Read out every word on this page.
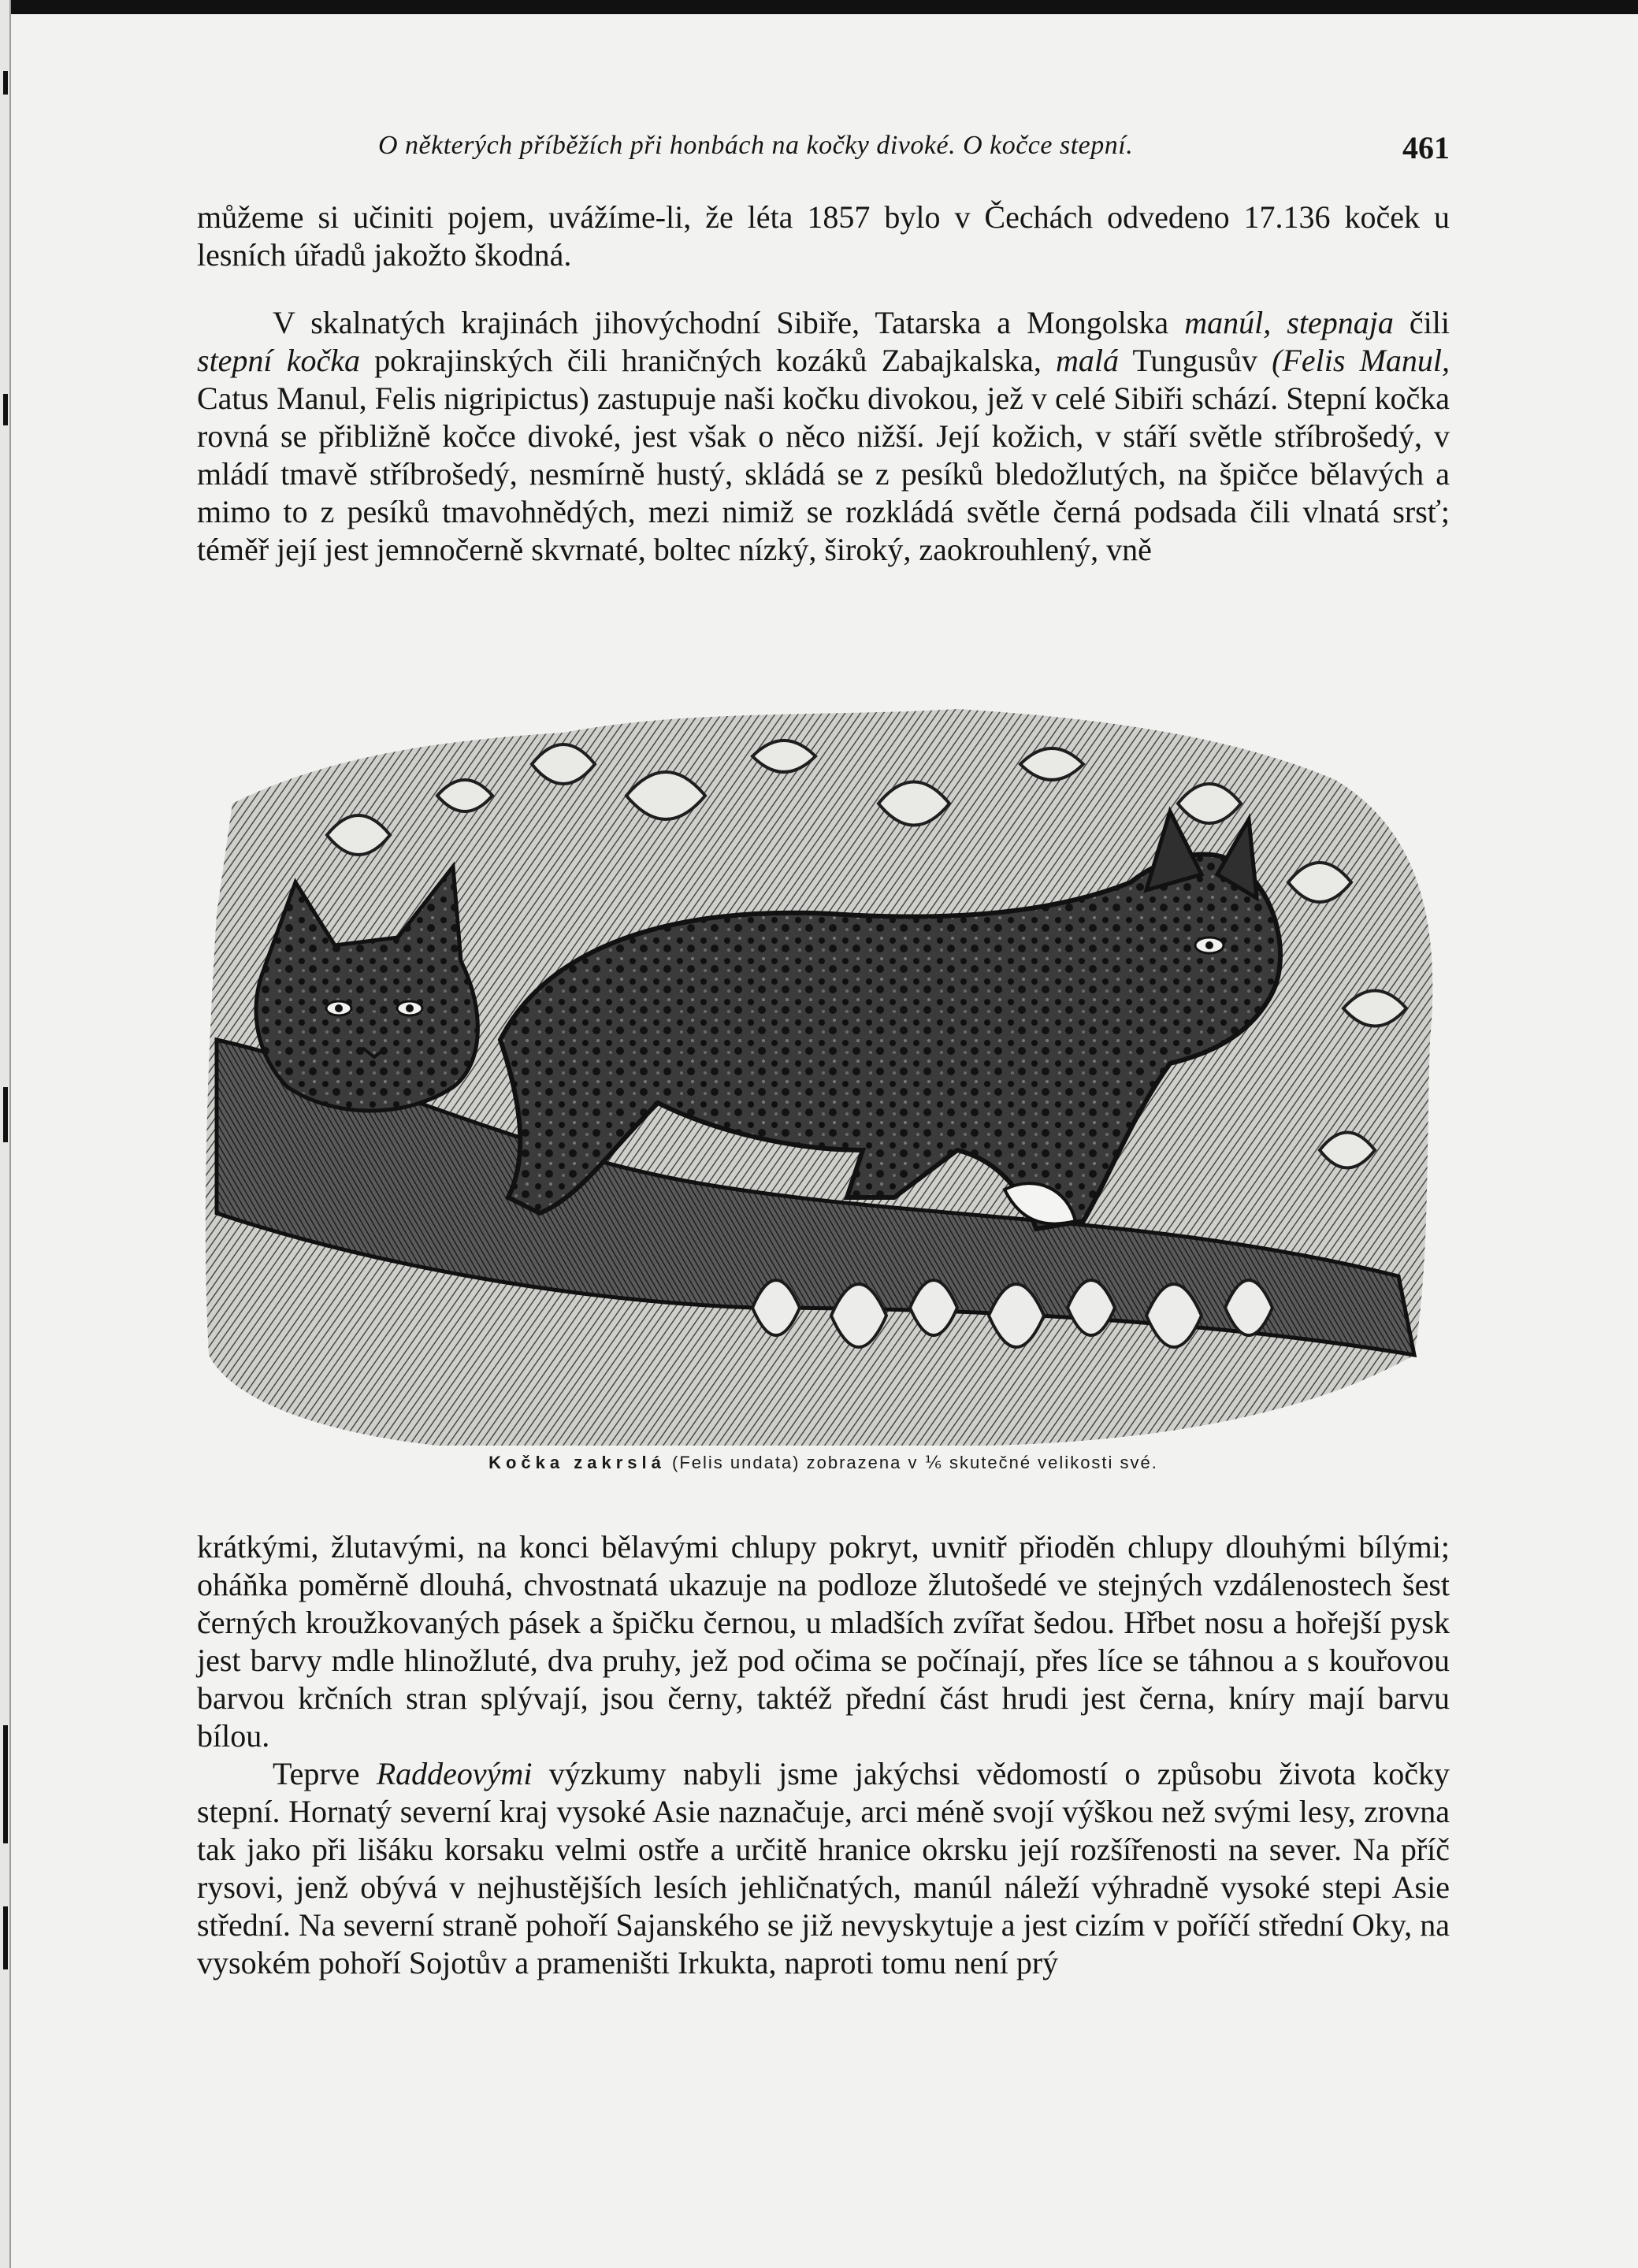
O některých příběžích při honbách na kočky divoké. O kočce stepní.	461

můžeme si učiniti pojem, uvážíme-li, že léta 1857 bylo v Čechách odvedeno 17.136 koček u lesních úřadů jakožto škodná.

V skalnatých krajinách jihovýchodní Sibiře, Tatarska a Mongolska manúl, stepnaja čili stepní kočka pokrajinských čili hraničných kozáků Zabajkalska, malá Tungusův (Felis Manul, Catus Manul, Felis nigripictus) zastupuje naši kočku divokou, jež v celé Sibiři schází. Stepní kočka rovná se přibližně kočce divoké, jest však o něco nižší. Její kožich, v stáří světle stříbrošedý, v mládí tmavě stříbrošedý, nesmírně hustý, skládá se z pesíků bledožlutých, na špičce bělavých a mimo to z pesíků tmavohnědých, mezi nimiž se rozkládá světle černá podsada čili vlnatá srsť; téměř její jest jemnočerně skvrnaté, boltec nízký, široký, zaokrouhlený, vně

Kočka zakrslá (Felis undata) zobrazena v ⅙ skutečné velikosti své.

krátkými, žlutavými, na konci bělavými chlupy pokryt, uvnitř přioděn chlupy dlouhými bílými; oháňka poměrně dlouhá, chvostnatá ukazuje na podloze žlutošedé ve stejných vzdálenostech šest černých kroužkovaných pásek a špičku černou, u mladších zvířat šedou. Hřbet nosu a hořejší pysk jest barvy mdle hlinožluté, dva pruhy, jež pod očima se počínají, přes líce se táhnou a s kouřovou barvou krčních stran splývají, jsou černy, taktéž přední část hrudi jest černa, kníry mají barvu bílou.

Teprve Raddeovými výzkumy nabyli jsme jakýchsi vědomostí o způsobu života kočky stepní. Hornatý severní kraj vysoké Asie naznačuje, arci méně svojí výškou než svými lesy, zrovna tak jako při lišáku korsaku velmi ostře a určitě hranice okrsku její rozšířenosti na sever. Na příč rysovi, jenž obývá v nejhustějších lesích jehličnatých, manúl náleží výhradně vysoké stepi Asie střední. Na severní straně pohoří Sajanského se již nevyskytuje a jest cizím v poříčí střední Oky, na vysokém pohoří Sojotův a prameništi Irkukta, naproti tomu není prý
